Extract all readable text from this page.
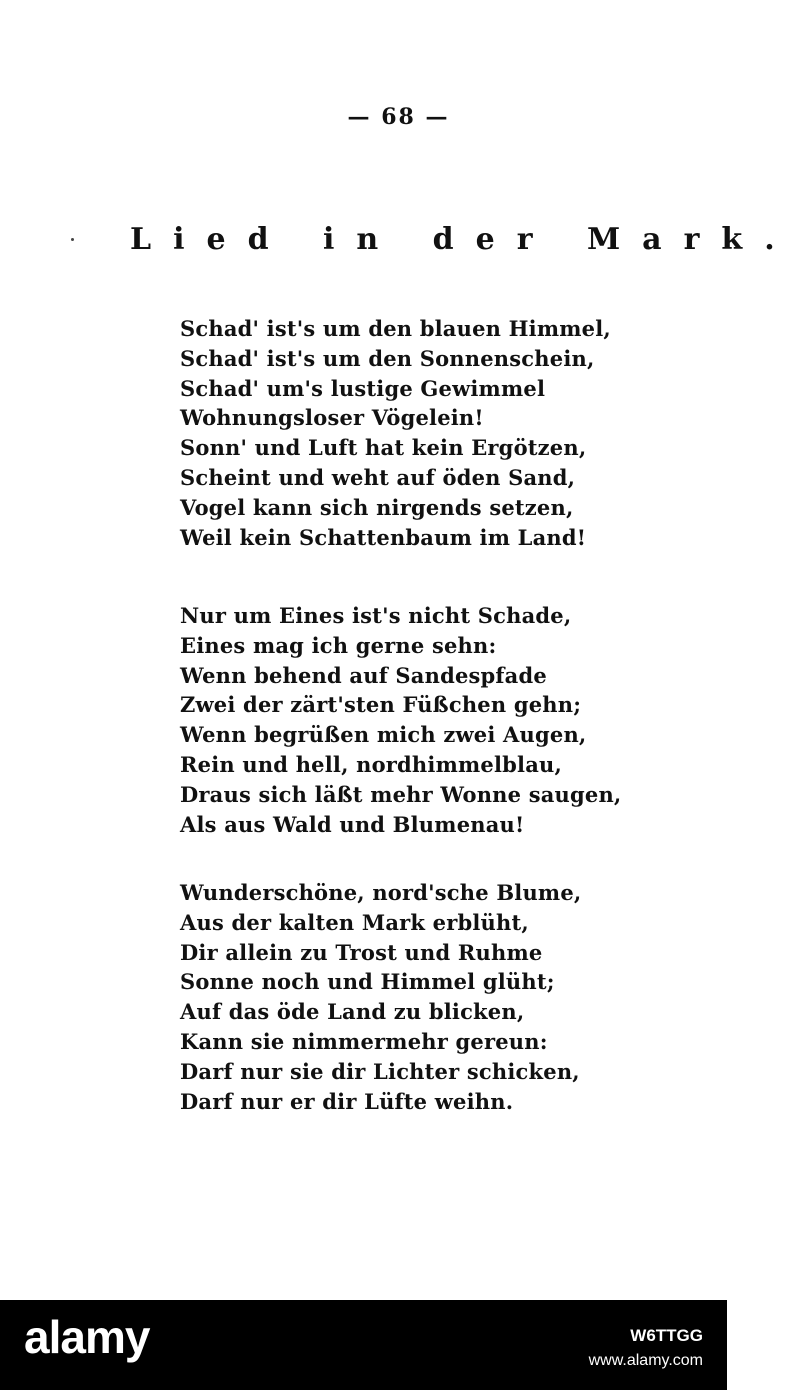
— 68 —
Lied in der Mark.
Schad' ist's um den blauen Himmel,
Schad' ist's um den Sonnenschein,
Schad' um's lustige Gewimmel
Wohnungsloser Vögelein!
Sonn' und Luft hat kein Ergötzen,
Scheint und weht auf öden Sand,
Vogel kann sich nirgends setzen,
Weil kein Schattenbaum im Land!
Nur um Eines ist's nicht Schade,
Eines mag ich gerne sehn:
Wenn behend auf Sandespfade
Zwei der zärt'sten Füßchen gehn;
Wenn begrüßen mich zwei Augen,
Rein und hell, nordhimmelblau,
Draus sich läßt mehr Wonne saugen,
Als aus Wald und Blumenau!
Wunderschöne, nord'sche Blume,
Aus der kalten Mark erblüht,
Dir allein zu Trost und Ruhme
Sonne noch und Himmel glüht;
Auf das öde Land zu blicken,
Kann sie nimmermehr gereun:
Darf nur sie dir Lichter schicken,
Darf nur er dir Lüfte weihn.
alamy	W6TTGG
www.alamy.com
